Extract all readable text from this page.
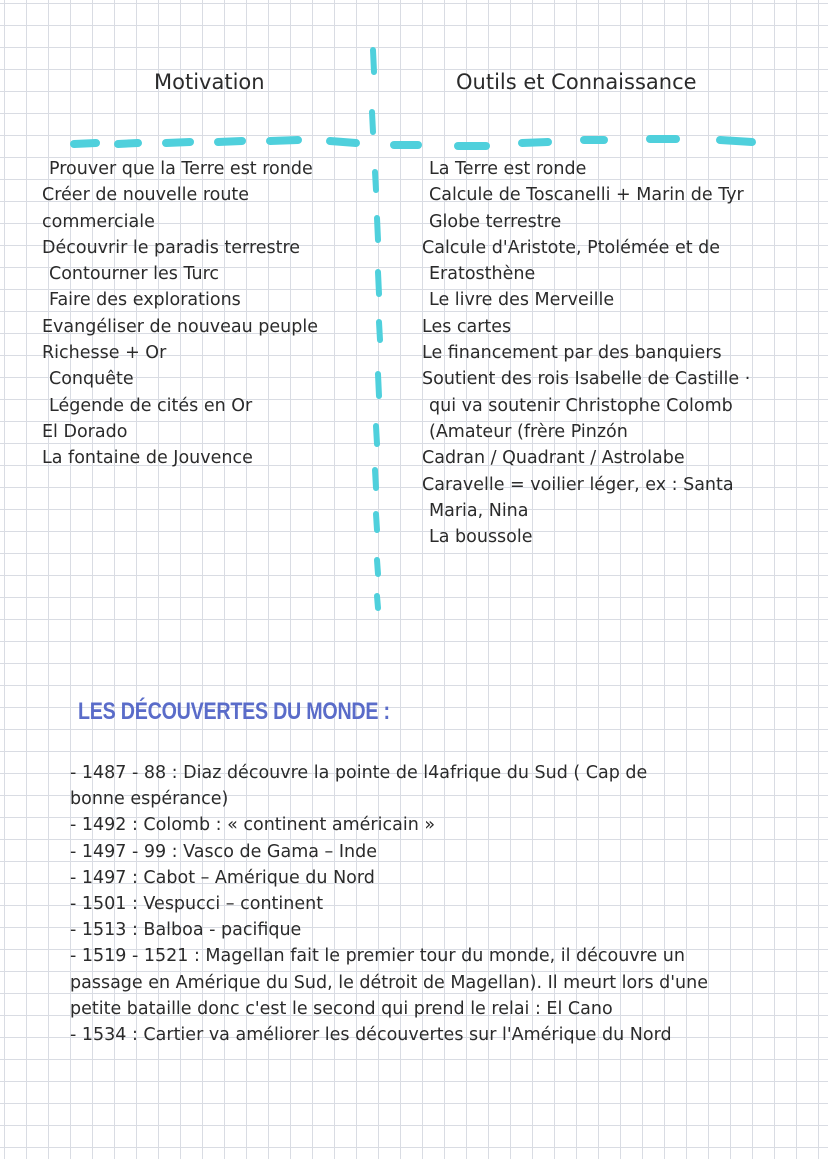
Motivation	Outils et Connaissance
Prouver que la Terre est ronde
Créer de nouvelle route
commerciale
Découvrir le paradis terrestre
Contourner les Turc
Faire des explorations
Evangéliser de nouveau peuple
Richesse + Or
Conquête
Légende de cités en Or
El Dorado
La fontaine de Jouvence
La Terre est ronde
Calcule de Toscanelli + Marin de Tyr
Globe terrestre
Calcule d'Aristote, Ptolémée et de
Eratosthène
Le livre des Merveille
Les cartes
Le financement par des banquiers
Soutient des rois Isabelle de Castille ·
qui va soutenir Christophe Colomb
(Amateur (frère Pinzón
Cadran / Quadrant / Astrolabe
Caravelle = voilier léger, ex : Santa
Maria, Nina
La boussole
LES DÉCOUVERTES DU MONDE :
- 1487 - 88 : Diaz découvre la pointe de l4afrique du Sud ( Cap de
bonne espérance)
- 1492 : Colomb : « continent américain »
- 1497 - 99 : Vasco de Gama – Inde
- 1497 : Cabot – Amérique du Nord
- 1501 : Vespucci – continent
- 1513 : Balboa - pacifique
- 1519 - 1521 : Magellan fait le premier tour du monde, il découvre un
passage en Amérique du Sud, le détroit de Magellan). Il meurt lors d'une
petite bataille donc c'est le second qui prend le relai : El Cano
- 1534 : Cartier va améliorer les découvertes sur l'Amérique du Nord
